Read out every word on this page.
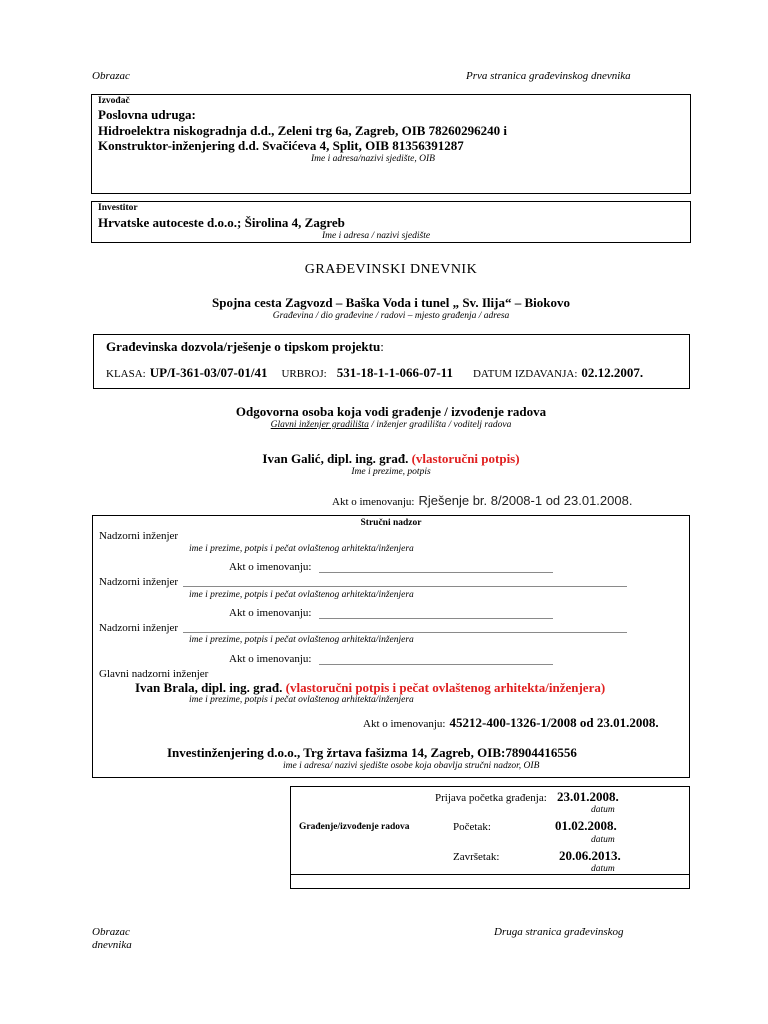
Obrazac	Prva stranica građevinskog dnevnika
Izvođač
Poslovna udruga:
Hidroelektra niskogradnja d.d., Zeleni trg 6a, Zagreb, OIB 78260296240 i
Konstruktor-inženjering d.d. Svačićeva 4, Split, OIB 81356391287
Ime i adresa/nazivi sjedište, OIB
Investitor
Hrvatske autoceste d.o.o.; Širolina 4, Zagreb
Ime i adresa / nazivi sjedište
GRAĐEVINSKI DNEVNIK
Spojna cesta Zagvozd – Baška Voda i tunel „ Sv. Ilija“ – Biokovo
Građevina / dio građevine / radovi – mjesto građenja / adresa
Građevinska dozvola/rješenje o tipskom projektu:
KLASA: UP/I-361-03/07-01/41 URBROJ: 531-18-1-1-066-07-11 DATUM IZDAVANJA: 02.12.2007.
Odgovorna osoba koja vodi građenje / izvođenje radova
Glavni inženjer gradilišta / inženjer gradilišta / voditelj radova
Ivan Galić, dipl. ing. građ. (vlastoručni potpis)
Ime i prezime, potpis
Akt o imenovanju: Rješenje br. 8/2008-1 od 23.01.2008.
Stručni nadzor
Nadzorni inženjer
ime i prezime, potpis i pečat ovlaštenog arhitekta/inženjera
Akt o imenovanju:
Nadzorni inženjer
ime i prezime, potpis i pečat ovlaštenog arhitekta/inženjera
Akt o imenovanju:
Nadzorni inženjer
ime i prezime, potpis i pečat ovlaštenog arhitekta/inženjera
Akt o imenovanju:
Glavni nadzorni inženjer
Ivan Brala, dipl. ing. građ. (vlastoručni potpis i pečat ovlaštenog arhitekta/inženjera)
ime i prezime, potpis i pečat ovlaštenog arhitekta/inženjera
Akt o imenovanju: 45212-400-1326-1/2008 od 23.01.2008.
Investinženjering d.o.o., Trg žrtava fašizma 14, Zagreb, OIB:78904416556
ime i adresa/ nazivi sjedište osobe koja obavlja stručni nadzor, OIB
Građenje/izvođenje radova
Prijava početka građenja: 23.01.2008.
datum
Početak:	01.02.2008.
datum
Završetak:	20.06.2013.
datum
Obrazac
dnevnika
Druga stranica građevinskog
